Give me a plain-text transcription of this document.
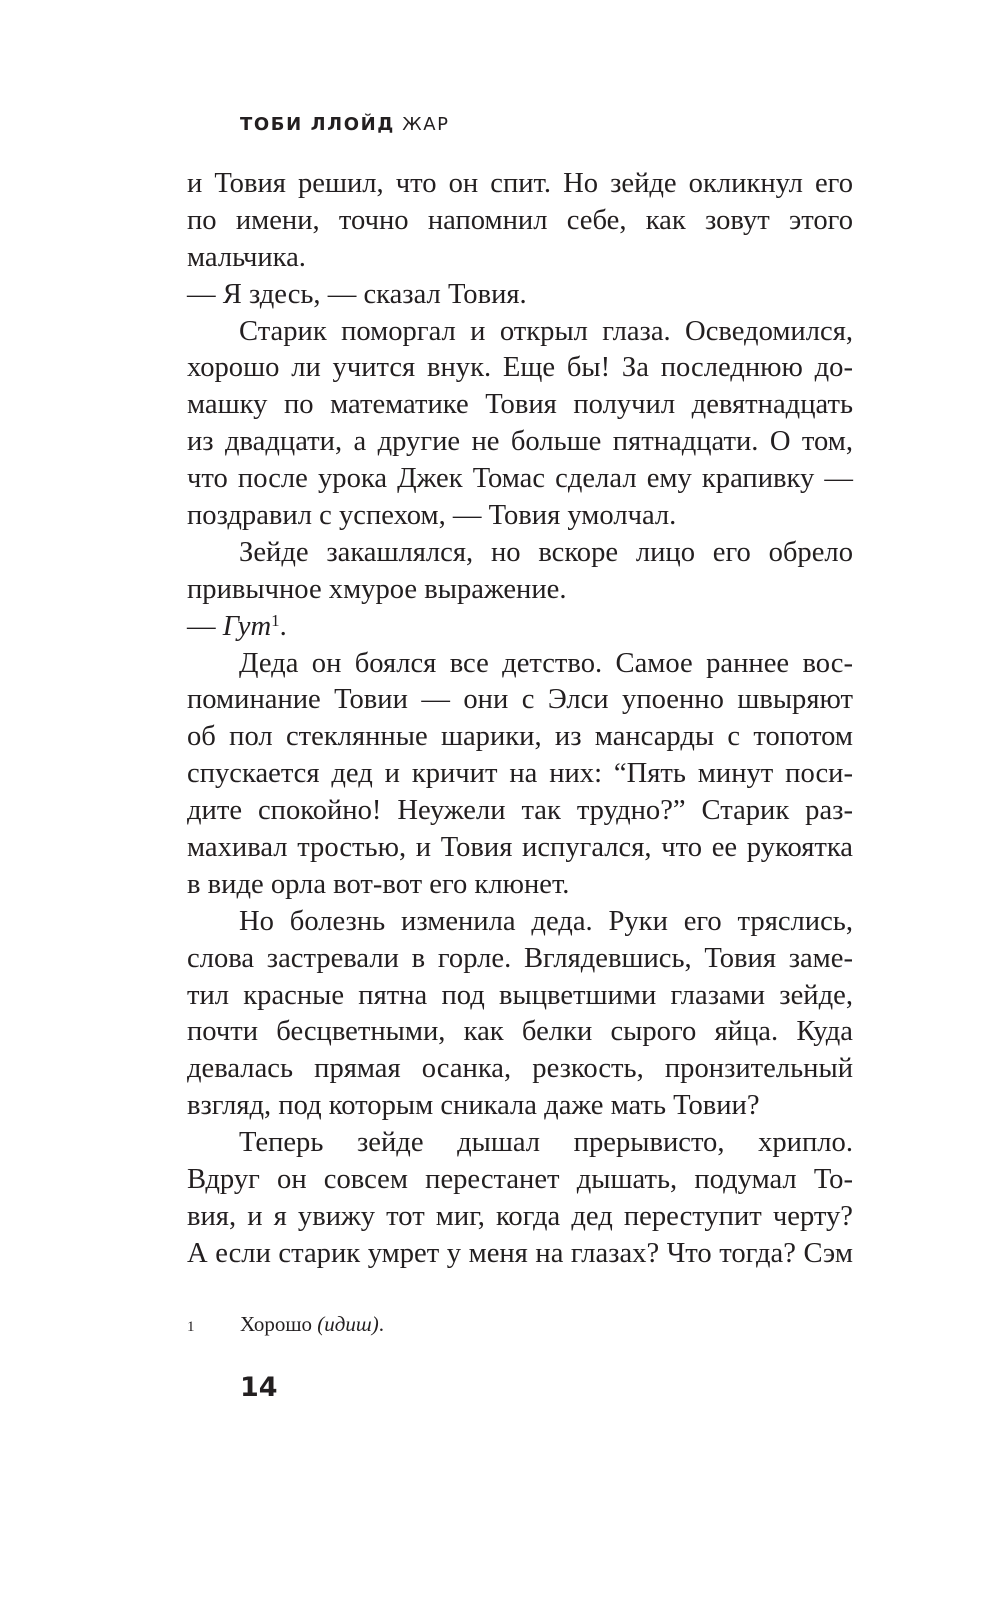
ТОБИ ЛЛОЙД ЖАР
и Товия решил, что он спит. Но зейде окликнул его
по имени, точно напомнил себе, как зовут этого
мальчика.
— Я здесь, — сказал Товия.
Старик поморгал и открыл глаза. Осведомился,
хорошо ли учится внук. Еще бы! За последнюю до-
машку по математике Товия получил девятнадцать
из двадцати, а другие не больше пятнадцати. О том,
что после урока Джек Томас сделал ему крапивку —
поздравил с успехом, — Товия умолчал.
Зейде закашлялся, но вскоре лицо его обрело
привычное хмурое выражение.
— Гут$^1$.
Деда он боялся все детство. Самое раннее вос-
поминание Товии — они с Элси упоенно швыряют
об пол стеклянные шарики, из мансарды с топотом
спускается дед и кричит на них: “Пять минут поси-
дите спокойно! Неужели так трудно?” Старик раз-
махивал тростью, и Товия испугался, что ее рукоятка
в виде орла вот-вот его клюнет.
Но болезнь изменила деда. Руки его тряслись,
слова застревали в горле. Вглядевшись, Товия заме-
тил красные пятна под выцветшими глазами зейде,
почти бесцветными, как белки сырого яйца. Куда
девалась прямая осанка, резкость, пронзительный
взгляд, под которым сникала даже мать Товии?
Теперь зейде дышал прерывисто, хрипло.
Вдруг он совсем перестанет дышать, подумал То-
вия, и я увижу тот миг, когда дед переступит черту?
А если старик умрет у меня на глазах? Что тогда? Сэм
1 Хорошо (идиш).
14
